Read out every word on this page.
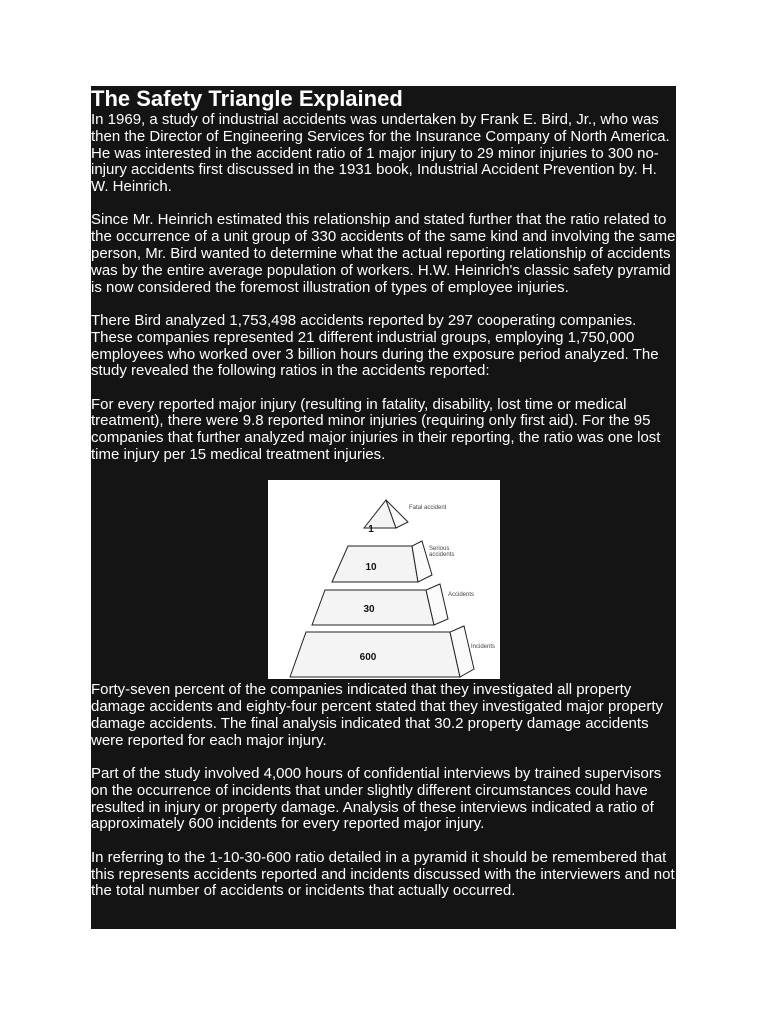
The Safety Triangle Explained

In 1969, a study of industrial accidents was undertaken by Frank E. Bird, Jr., who was then the Director of Engineering Services for the Insurance Company of North America. He was interested in the accident ratio of 1 major injury to 29 minor injuries to 300 no-injury accidents first discussed in the 1931 book, Industrial Accident Prevention by. H. W. Heinrich.

Since Mr. Heinrich estimated this relationship and stated further that the ratio related to the occurrence of a unit group of 330 accidents of the same kind and involving the same person, Mr. Bird wanted to determine what the actual reporting relationship of accidents was by the entire average population of workers. H.W. Heinrich's classic safety pyramid is now considered the foremost illustration of types of employee injuries.

There Bird analyzed 1,753,498 accidents reported by 297 cooperating companies. These companies represented 21 different industrial groups, employing 1,750,000 employees who worked over 3 billion hours during the exposure period analyzed. The study revealed the following ratios in the accidents reported:

For every reported major injury (resulting in fatality, disability, lost time or medical treatment), there were 9.8 reported minor injuries (requiring only first aid). For the 95 companies that further analyzed major injuries in their reporting, the ratio was one lost time injury per 15 medical treatment injuries.

1
10
30
600
Fatal accident
Serious
accidents
Accidents
Incidents

Forty-seven percent of the companies indicated that they investigated all property damage accidents and eighty-four percent stated that they investigated major property damage accidents. The final analysis indicated that 30.2 property damage accidents were reported for each major injury.

Part of the study involved 4,000 hours of confidential interviews by trained supervisors on the occurrence of incidents that under slightly different circumstances could have resulted in injury or property damage. Analysis of these interviews indicated a ratio of approximately 600 incidents for every reported major injury.

In referring to the 1-10-30-600 ratio detailed in a pyramid it should be remembered that this represents accidents reported and incidents discussed with the interviewers and not the total number of accidents or incidents that actually occurred.
